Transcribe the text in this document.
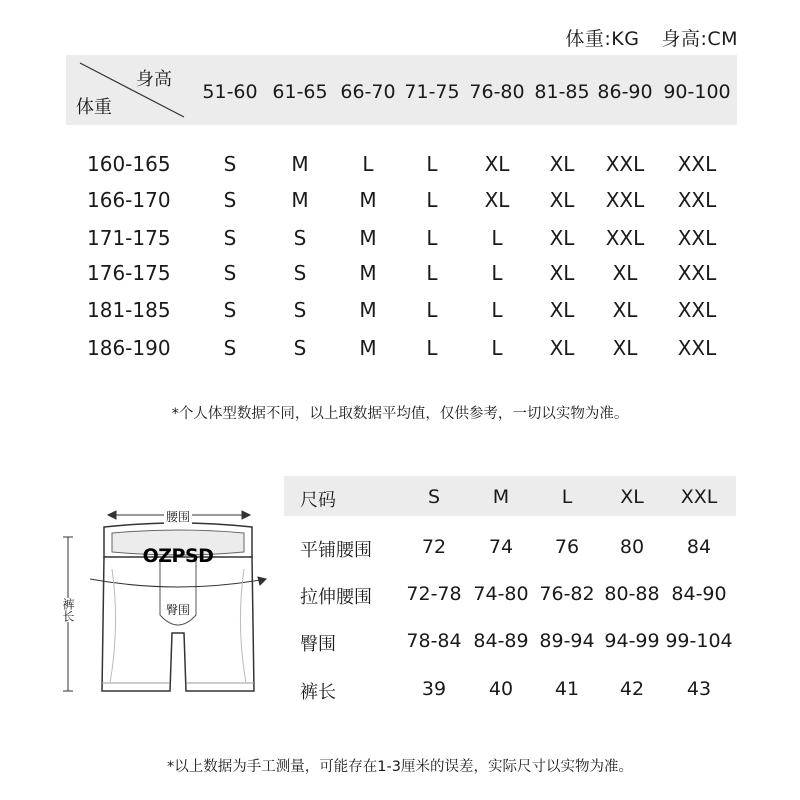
体重:KG 身高:CM
身高
体重
51-60 61-65 66-70 71-75 76-80 81-85 86-90 90-100
160-165	S	M	L	L XL XL XXL XXL
166-170	S	M	M L XL XL XXL XXL
171-175	S	S	M L	L XL XXL XXL
176-175	S	S	M L	L XL XL XXL
181-185	S	S	M L	L XL XL XXL
186-190	S	S	M L	L XL XL XXL
*个人体型数据不同，以上取数据平均值，仅供参考，一切以实物为准。
OZPSD
腰围
臀围
裤长
尺码	S	M	L	XL XXL
平铺腰围	72 74 76 80 84
拉伸腰围 72-78 74-80 76-82 80-88 84-90
臀围	78-84 84-89 89-94 94-99 99-104
裤长	39 40 41 42 43
*以上数据为手工测量，可能存在1-3厘米的误差，实际尺寸以实物为准。
